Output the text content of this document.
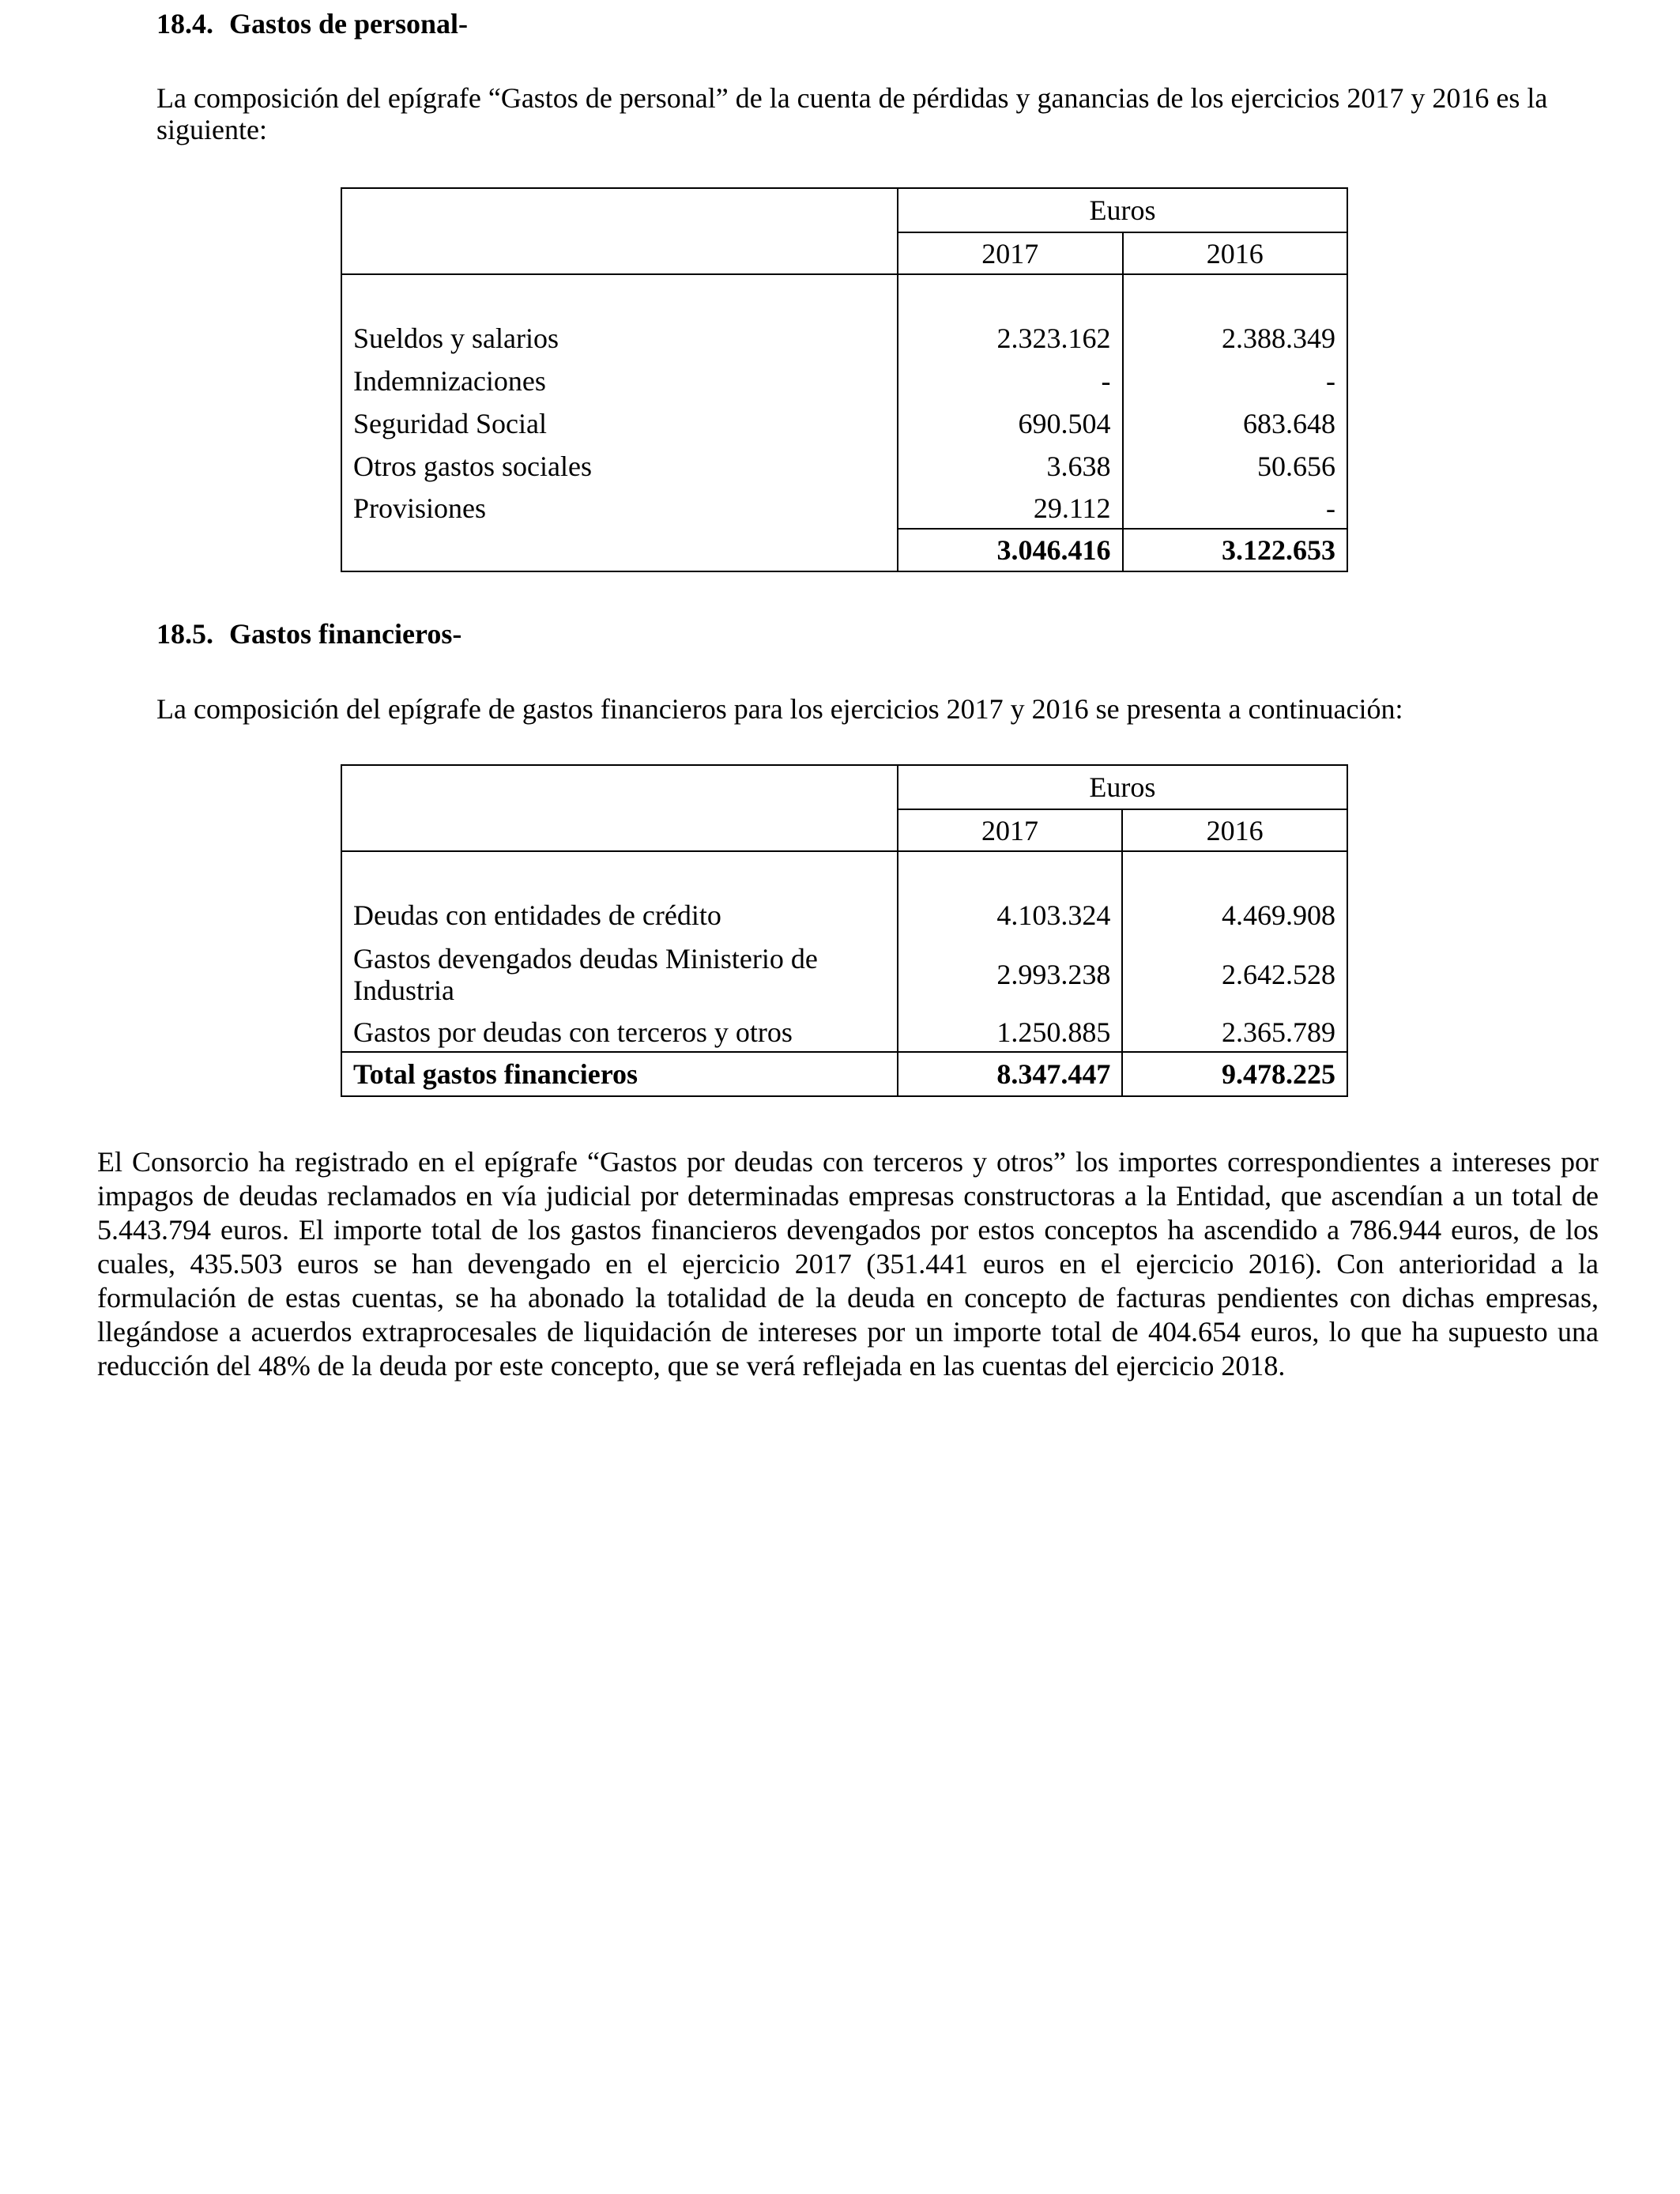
18.4. Gastos de personal-

La composición del epígrafe “Gastos de personal” de la cuenta de pérdidas y ganancias de los ejercicios 2017 y 2016 es la siguiente:

	Euros	
	2017	2016

Sueldos y salarios	2.323.162	2.388.349
Indemnizaciones	-	-
Seguridad Social	690.504	683.648
Otros gastos sociales	3.638	50.656
Provisiones	29.112	-
	3.046.416	3.122.653
18.5. Gastos financieros-

La composición del epígrafe de gastos financieros para los ejercicios 2017 y 2016 se presenta a continuación:

	Euros	
	2017	2016

Deudas con entidades de crédito	4.103.324	4.469.908
Gastos devengados deudas Ministerio de Industria	2.993.238	2.642.528
Gastos por deudas con terceros y otros	1.250.885	2.365.789
Total gastos financieros	8.347.447	9.478.225

El Consorcio ha registrado en el epígrafe “Gastos por deudas con terceros y otros” los importes correspondientes a intereses por impagos de deudas reclamados en vía judicial por determinadas empresas constructoras a la Entidad, que ascendían a un total de 5.443.794 euros. El importe total de los gastos financieros devengados por estos conceptos ha ascendido a 786.944 euros, de los cuales, 435.503 euros se han devengado en el ejercicio 2017 (351.441 euros en el ejercicio 2016). Con anterioridad a la formulación de estas cuentas, se ha abonado la totalidad de la deuda en concepto de facturas pendientes con dichas empresas, llegándose a acuerdos extraprocesales de liquidación de intereses por un importe total de 404.654 euros, lo que ha supuesto una reducción del 48% de la deuda por este concepto, que se verá reflejada en las cuentas del ejercicio 2018.
